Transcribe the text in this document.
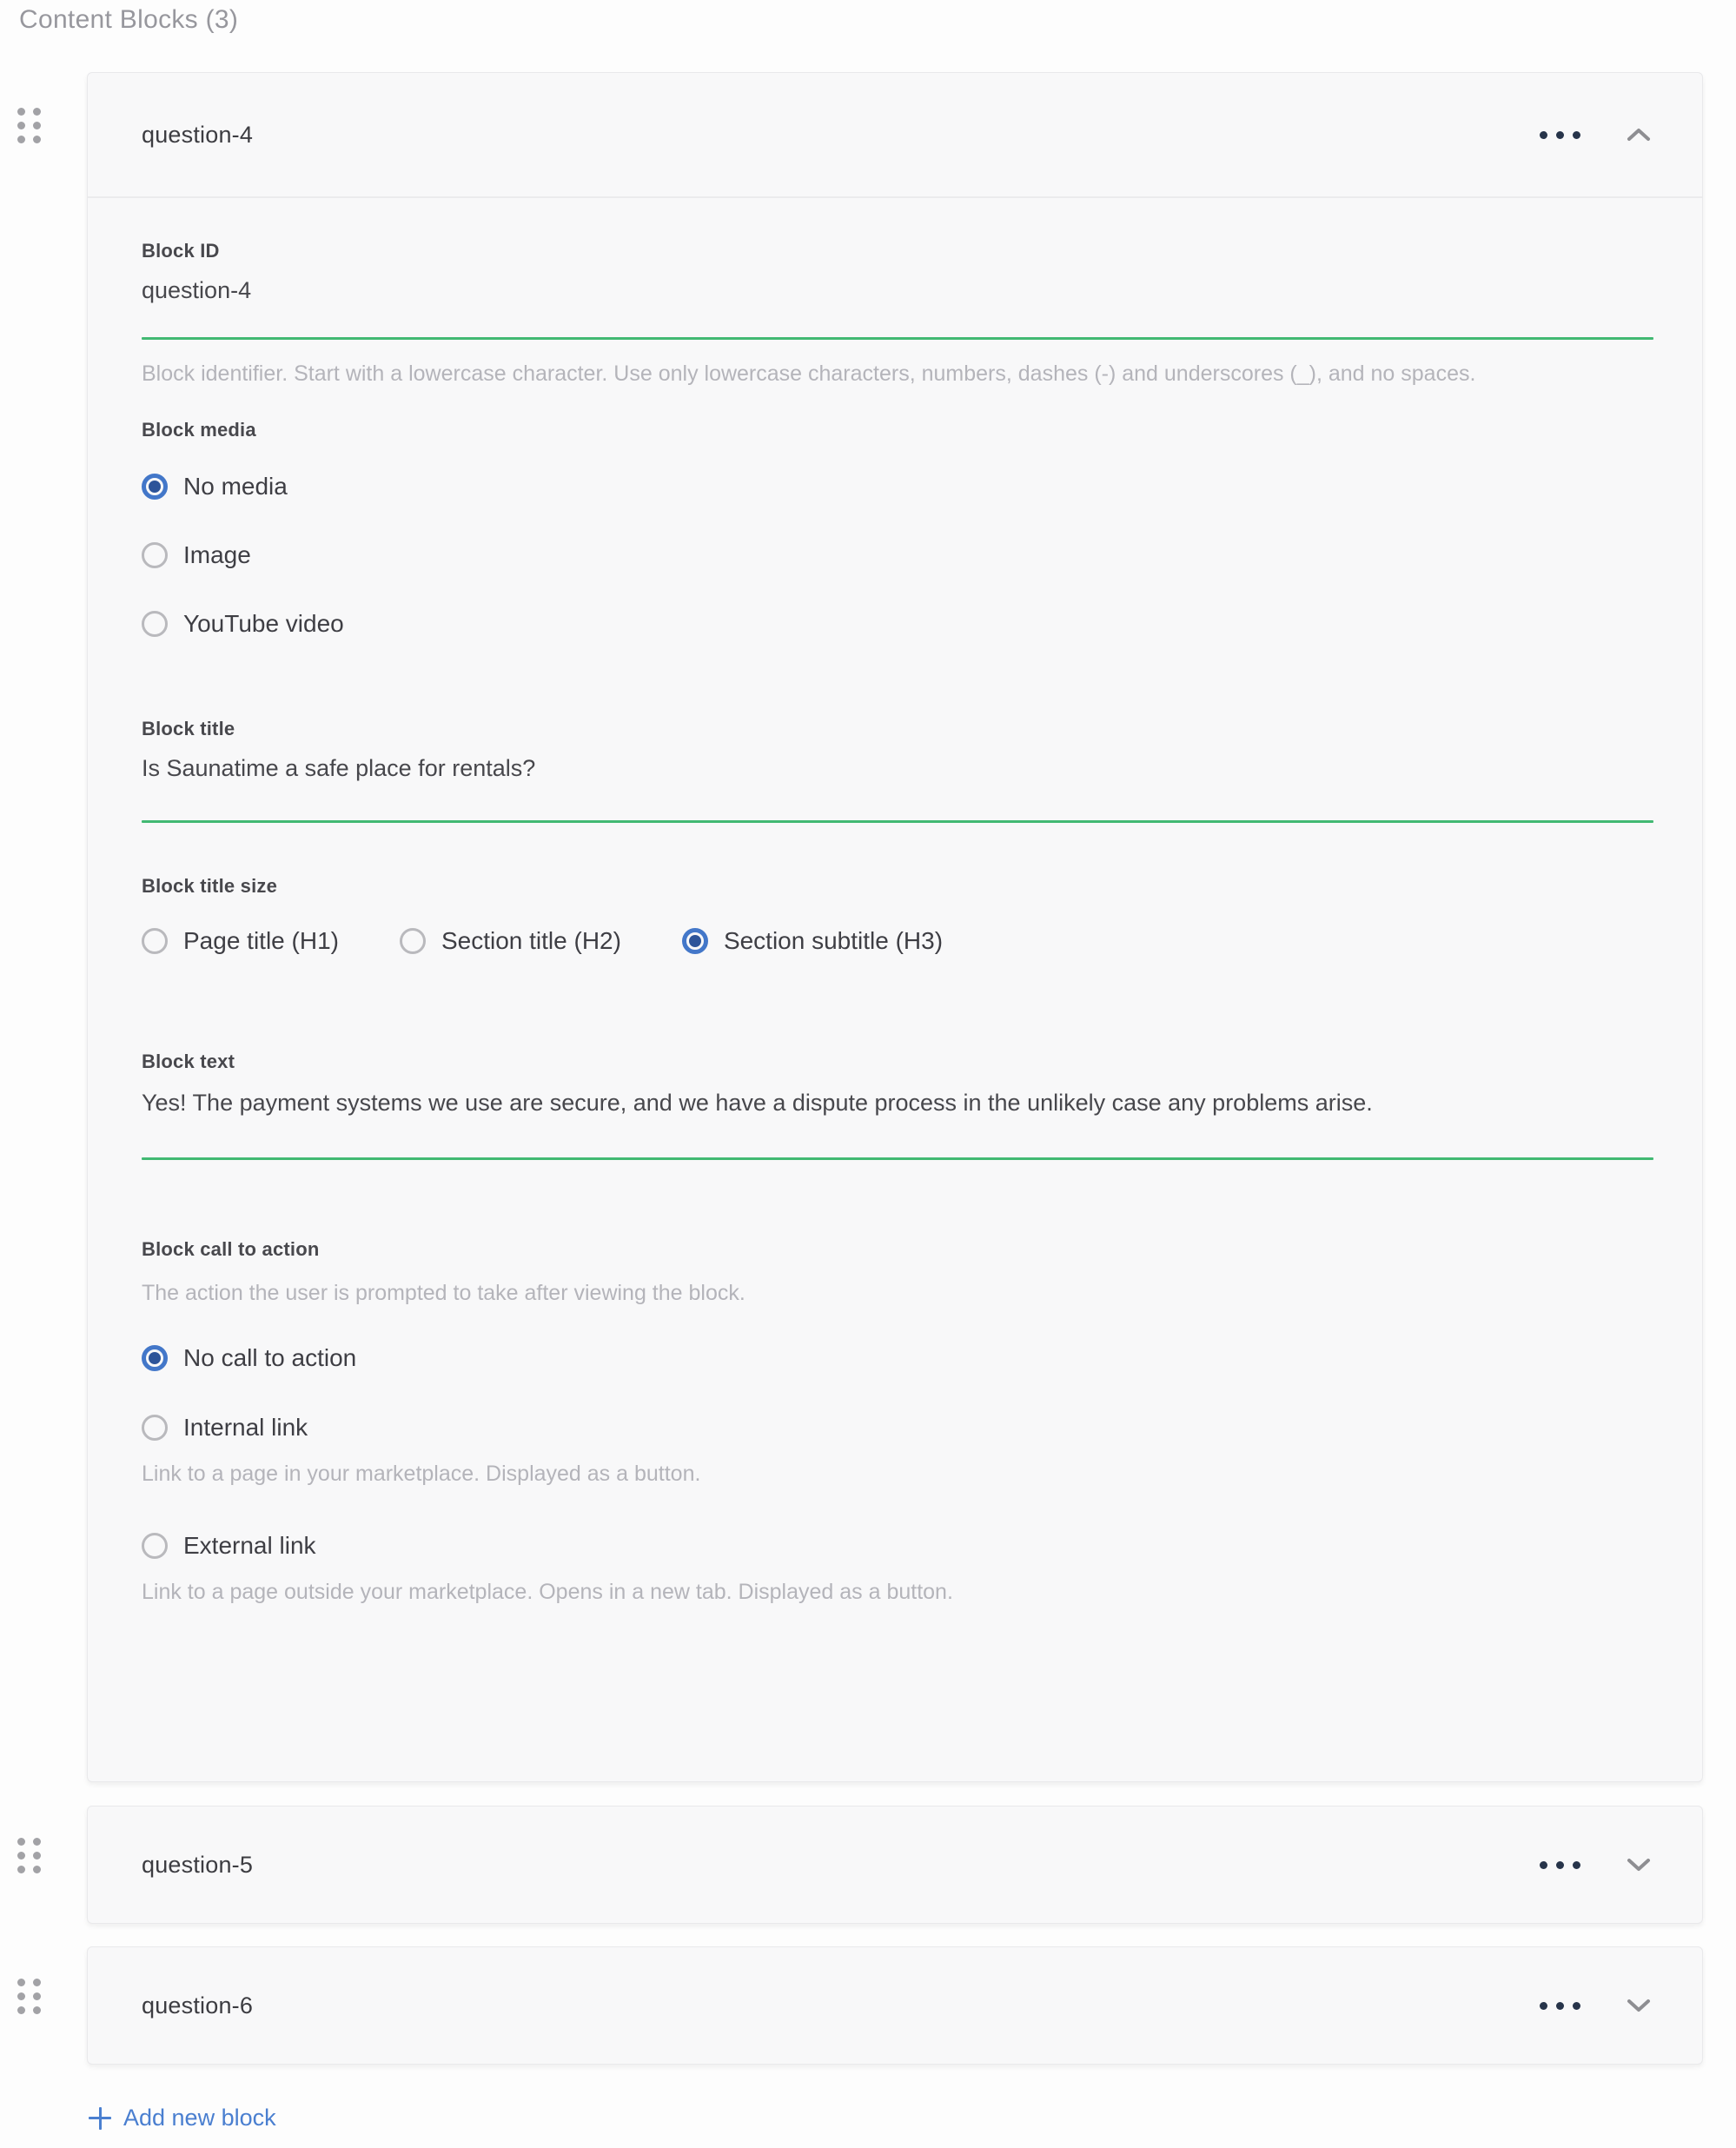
Content Blocks (3)
question-4
Block ID
question-4
Block identifier. Start with a lowercase character. Use only lowercase characters, numbers, dashes (-) and underscores (_), and no spaces.
Block media
No media
Image
YouTube video
Block title
Is Saunatime a safe place for rentals?
Block title size
Page title (H1)	Section title (H2)	Section subtitle (H3)
Block text
Yes! The payment systems we use are secure, and we have a dispute process in the unlikely case any problems arise.
Block call to action
The action the user is prompted to take after viewing the block.
No call to action
Internal link
Link to a page in your marketplace. Displayed as a button.
External link
Link to a page outside your marketplace. Opens in a new tab. Displayed as a button.
question-5
question-6
Add new block
